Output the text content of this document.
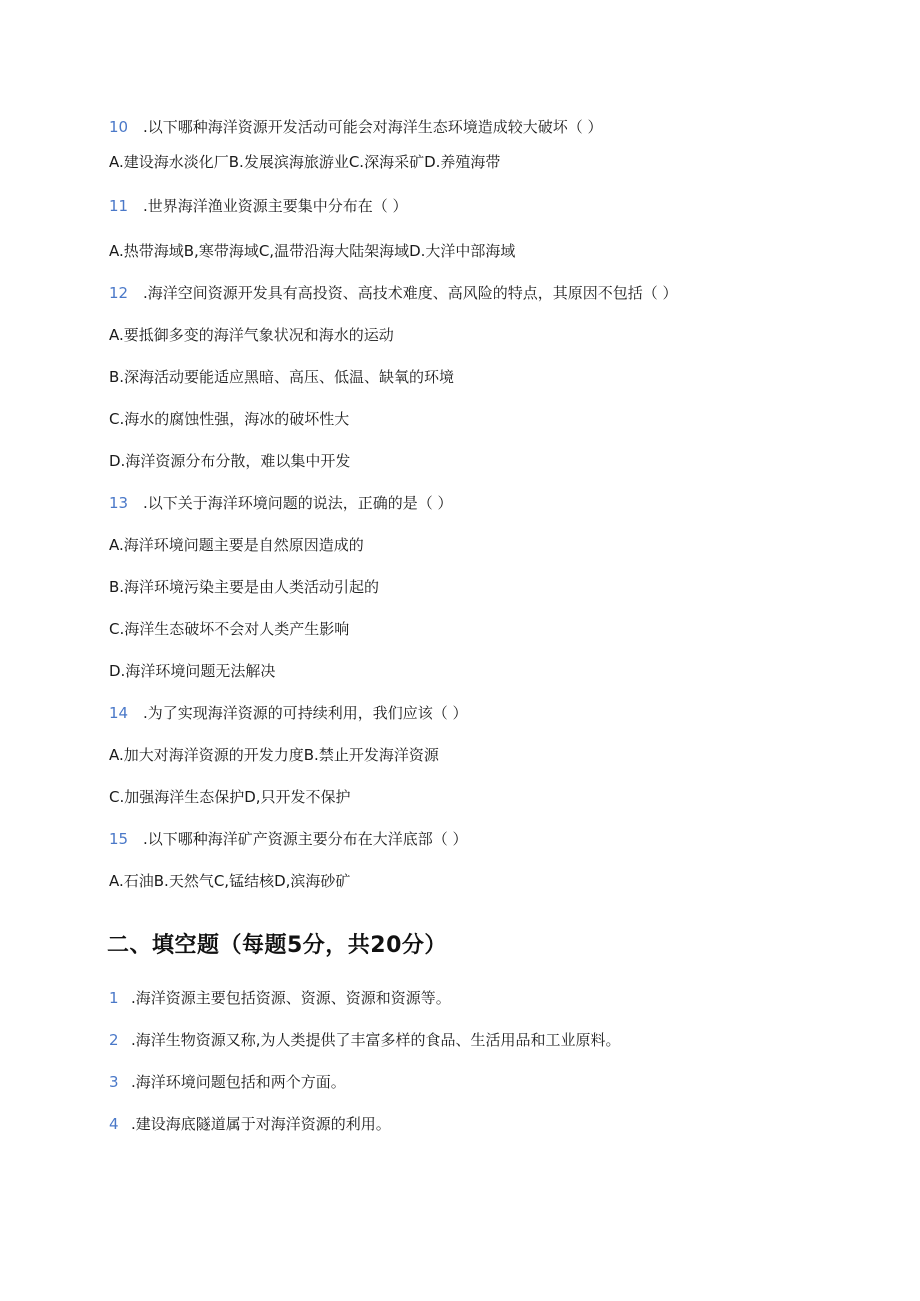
10 .以下哪种海洋资源开发活动可能会对海洋生态环境造成较大破坏（ ）
A.建设海水淡化厂B.发展滨海旅游业C.深海采矿D.养殖海带
11 .世界海洋渔业资源主要集中分布在（ ）
A.热带海域B,寒带海域C,温带沿海大陆架海域D.大洋中部海域
12 .海洋空间资源开发具有高投资、高技术难度、高风险的特点，其原因不包括（ ）
A.要抵御多变的海洋气象状况和海水的运动
B.深海活动要能适应黑暗、高压、低温、缺氧的环境
C.海水的腐蚀性强，海冰的破坏性大
D.海洋资源分布分散，难以集中开发
13 .以下关于海洋环境问题的说法，正确的是（ ）
A.海洋环境问题主要是自然原因造成的
B.海洋环境污染主要是由人类活动引起的
C.海洋生态破坏不会对人类产生影响
D.海洋环境问题无法解决
14 .为了实现海洋资源的可持续利用，我们应该（ ）
A.加大对海洋资源的开发力度B.禁止开发海洋资源
C.加强海洋生态保护D,只开发不保护
15 .以下哪种海洋矿产资源主要分布在大洋底部（ ）
A.石油B.天然气C,锰结核D,滨海砂矿
二、填空题（每题5分，共20分）
1 .海洋资源主要包括资源、资源、资源和资源等。
2 .海洋生物资源又称,为人类提供了丰富多样的食品、生活用品和工业原料。
3 .海洋环境问题包括和两个方面。
4 .建设海底隧道属于对海洋资源的利用。
